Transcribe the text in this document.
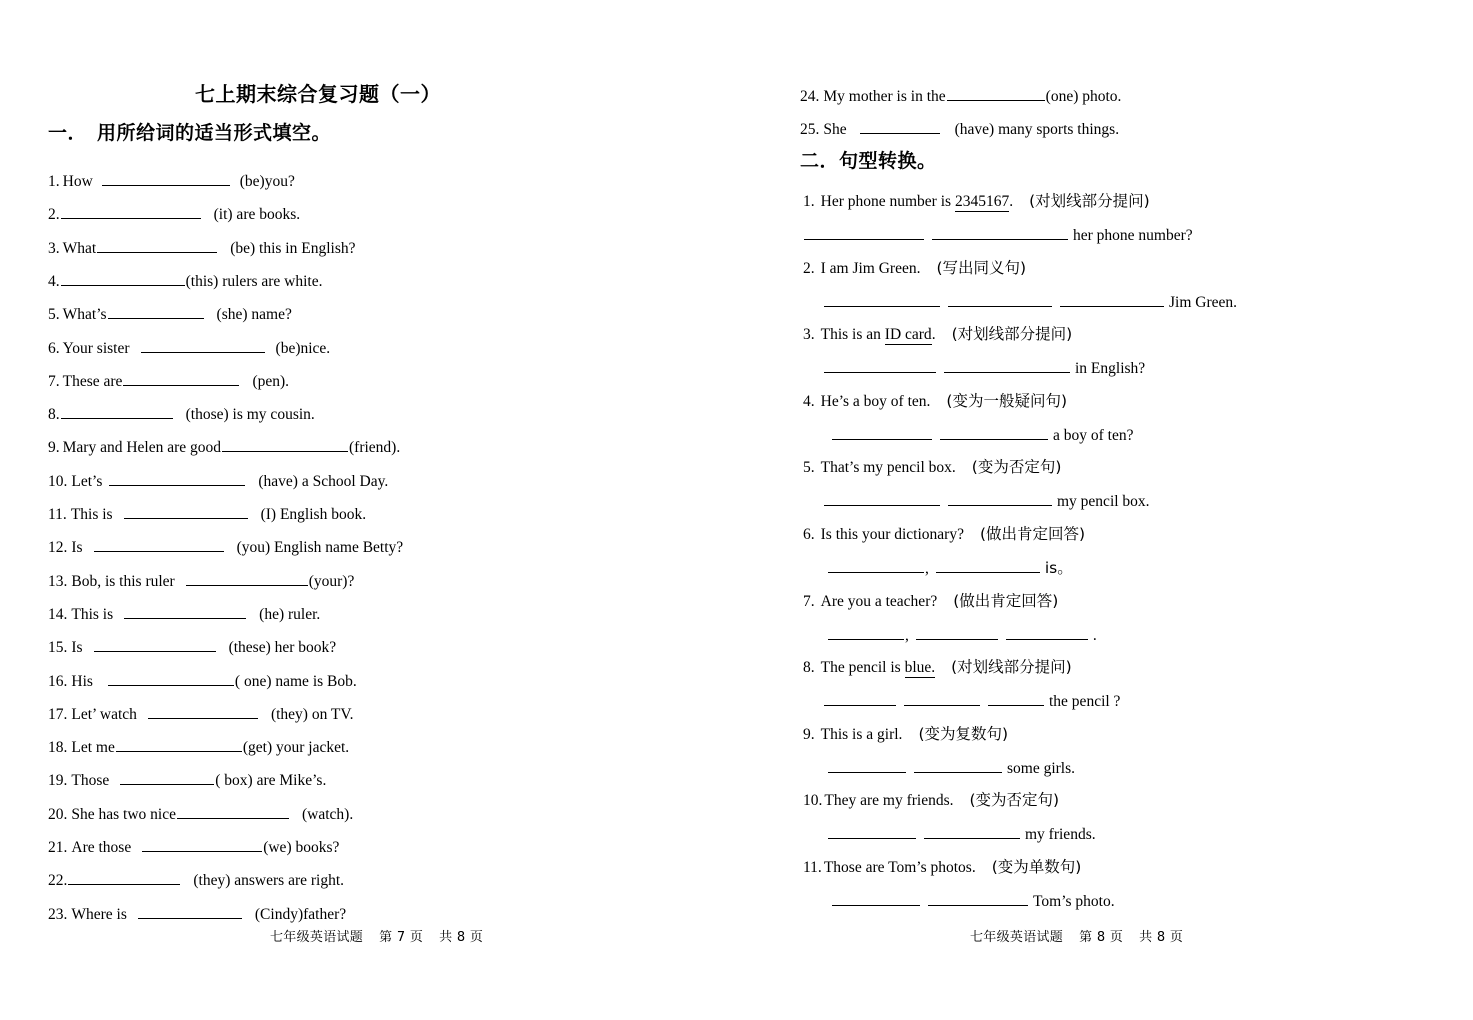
七上期末综合复习题（一）
一．　用所给词的适当形式填空。
1. How	(be)you?
2.	(it) are books.
3. What	(be) this in English?
4.	(this) rulers are white.
5. What’s	(she) name?
6. Your sister	(be)nice.
7. These are	(pen).
8.	(those) is my cousin.
9. Mary and Helen are good	(friend).
10. Let’s	(have) a School Day.
11. This is	(I) English book.
12. Is	(you) English name Betty?
13. Bob, is this ruler	(your)?
14. This is	(he) ruler.
15. Is	(these) her book?
16. His	( one) name is Bob.
17. Let’ watch	(they) on TV.
18. Let me	(get) your jacket.
19. Those	( box) are Mike’s.
20. She has two nice	(watch).
21. Are those	(we) books?
22.	(they) answers are right.
23. Where is	(Cindy)father?
七年级英语试题 第 7 页 共 8 页
24. My mother is in the	(one) photo.
25. She	(have) many sports things.
二．句型转换。
1. Her phone number is 2345167. (对划线部分提问)
her phone number?
2. I am Jim Green. (写出同义句)
Jim Green.
3. This is an ID card. (对划线部分提问)
in English?
4. He’s a boy of ten. (变为一般疑问句)
a boy of ten?
5. That’s my pencil box. (变为否定句)
my pencil box.
6. Is this your dictionary? (做出肯定回答)
,	is。
7. Are you a teacher? (做出肯定回答)
,	.
8. The pencil is blue. (对划线部分提问)
the pencil ?
9. This is a girl. (变为复数句)
some girls.
10. They are my friends. (变为否定句)
my friends.
11. Those are Tom’s photos. (变为单数句)
Tom’s photo.
七年级英语试题 第 8 页 共 8 页
